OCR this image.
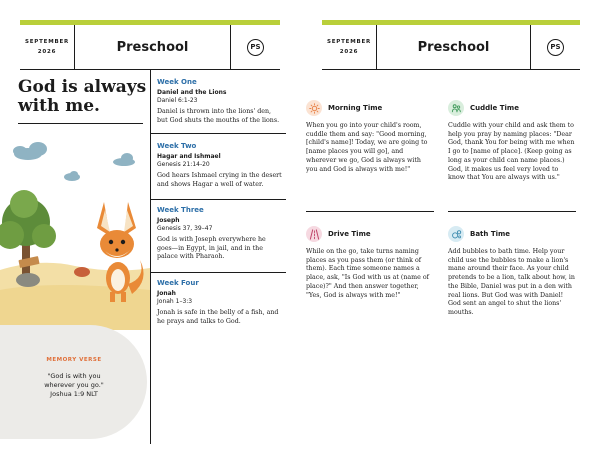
SEPTEMBER
2026	Preschool	PS
God is always with me.
Week One
Daniel and the Lions
Daniel 6:1-23
Daniel is thrown into the lions' den, but God shuts the mouths of the lions.
Week Two
Hagar and Ishmael
Genesis 21:14-20
God hears Ishmael crying in the desert and shows Hagar a well of water.
Week Three
Joseph
Genesis 37, 39–47
God is with Joseph everywhere he goes—in Egypt, in jail, and in the palace with Pharaoh.
Week Four
Jonah
Jonah 1–3:3
Jonah is safe in the belly of a fish, and he prays and talks to God.
MEMORY VERSE
"God is with you wherever you go."
Joshua 1:9 NLT
SEPTEMBER
2026	Preschool	PS
Morning Time
When you go into your child's room, cuddle them and say: "Good morning, [child's name]! Today, we are going to [name places you will go], and wherever we go, God is always with you and God is always with me!"
Cuddle Time
Cuddle with your child and ask them to help you pray by naming places: "Dear God, thank You for being with me when I go to [name of place]. (Keep going as long as your child can name places.) God, it makes us feel very loved to know that You are always with us."
Drive Time
While on the go, take turns naming places as you pass them (or think of them). Each time someone names a place, ask, "Is God with us at (name of place)?" And then answer together, "Yes, God is always with me!"
Bath Time
Add bubbles to bath time. Help your child use the bubbles to make a lion's mane around their face. As your child pretends to be a lion, talk about how, in the Bible, Daniel was put in a den with real lions. But God was with Daniel! God sent an angel to shut the lions' mouths.
